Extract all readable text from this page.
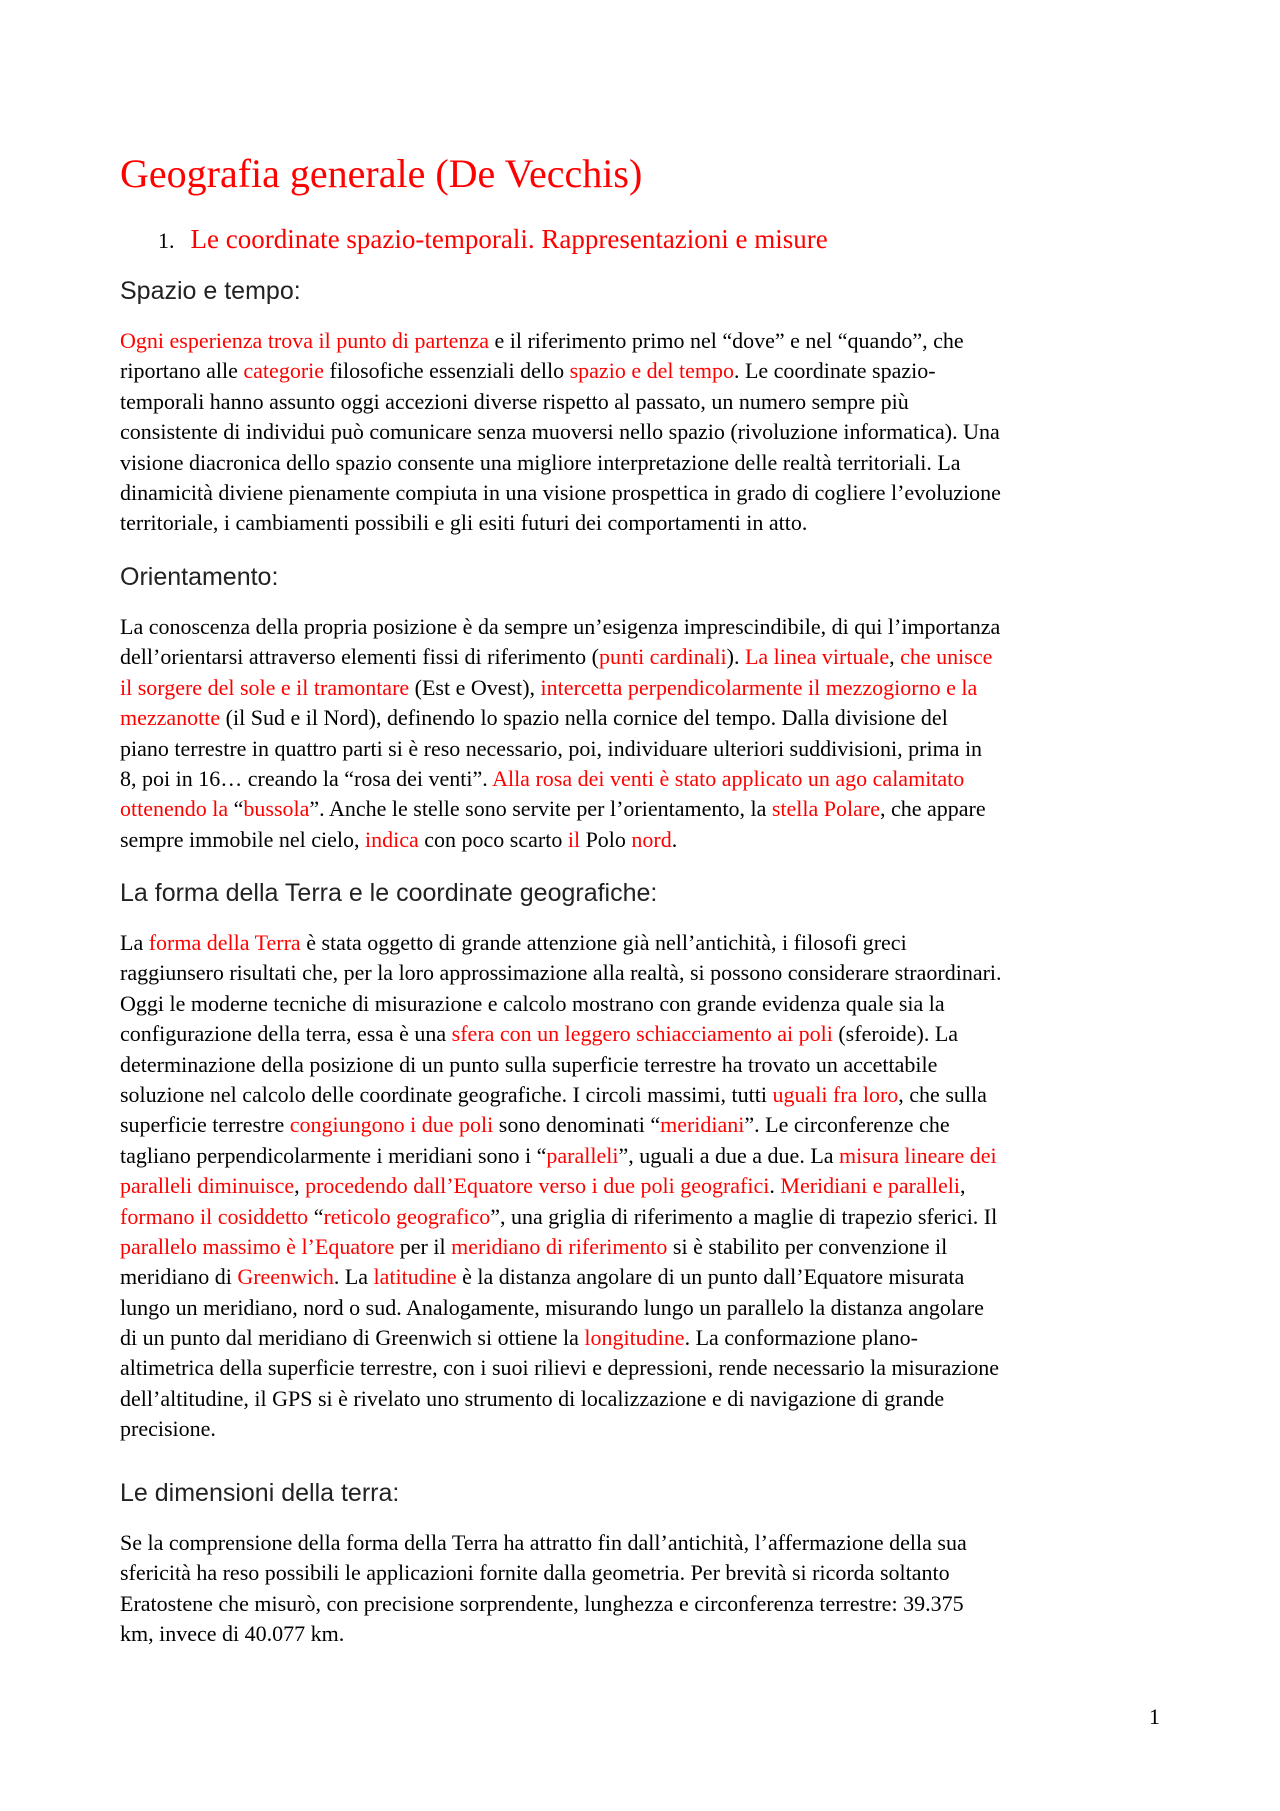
Geografia generale (De Vecchis)
1. Le coordinate spazio-temporali. Rappresentazioni e misure
Spazio e tempo:
Ogni esperienza trova il punto di partenza e il riferimento primo nel “dove” e nel “quando”, che
riportano alle categorie filosofiche essenziali dello spazio e del tempo. Le coordinate spazio-
temporali hanno assunto oggi accezioni diverse rispetto al passato, un numero sempre più
consistente di individui può comunicare senza muoversi nello spazio (rivoluzione informatica). Una
visione diacronica dello spazio consente una migliore interpretazione delle realtà territoriali. La
dinamicità diviene pienamente compiuta in una visione prospettica in grado di cogliere l’evoluzione
territoriale, i cambiamenti possibili e gli esiti futuri dei comportamenti in atto.
Orientamento:
La conoscenza della propria posizione è da sempre un’esigenza imprescindibile, di qui l’importanza
dell’orientarsi attraverso elementi fissi di riferimento (punti cardinali). La linea virtuale, che unisce
il sorgere del sole e il tramontare (Est e Ovest), intercetta perpendicolarmente il mezzogiorno e la
mezzanotte (il Sud e il Nord), definendo lo spazio nella cornice del tempo. Dalla divisione del
piano terrestre in quattro parti si è reso necessario, poi, individuare ulteriori suddivisioni, prima in
8, poi in 16… creando la “rosa dei venti”. Alla rosa dei venti è stato applicato un ago calamitato
ottenendo la “bussola”. Anche le stelle sono servite per l’orientamento, la stella Polare, che appare
sempre immobile nel cielo, indica con poco scarto il Polo nord.
La forma della Terra e le coordinate geografiche:
La forma della Terra è stata oggetto di grande attenzione già nell’antichità, i filosofi greci
raggiunsero risultati che, per la loro approssimazione alla realtà, si possono considerare straordinari.
Oggi le moderne tecniche di misurazione e calcolo mostrano con grande evidenza quale sia la
configurazione della terra, essa è una sfera con un leggero schiacciamento ai poli (sferoide). La
determinazione della posizione di un punto sulla superficie terrestre ha trovato un accettabile
soluzione nel calcolo delle coordinate geografiche. I circoli massimi, tutti uguali fra loro, che sulla
superficie terrestre congiungono i due poli sono denominati “meridiani”. Le circonferenze che
tagliano perpendicolarmente i meridiani sono i “paralleli”, uguali a due a due. La misura lineare dei
paralleli diminuisce, procedendo dall’Equatore verso i due poli geografici. Meridiani e paralleli,
formano il cosiddetto “reticolo geografico”, una griglia di riferimento a maglie di trapezio sferici. Il
parallelo massimo è l’Equatore per il meridiano di riferimento si è stabilito per convenzione il
meridiano di Greenwich. La latitudine è la distanza angolare di un punto dall’Equatore misurata
lungo un meridiano, nord o sud. Analogamente, misurando lungo un parallelo la distanza angolare
di un punto dal meridiano di Greenwich si ottiene la longitudine. La conformazione plano-
altimetrica della superficie terrestre, con i suoi rilievi e depressioni, rende necessario la misurazione
dell’altitudine, il GPS si è rivelato uno strumento di localizzazione e di navigazione di grande
precisione.
Le dimensioni della terra:
Se la comprensione della forma della Terra ha attratto fin dall’antichità, l’affermazione della sua
sfericità ha reso possibili le applicazioni fornite dalla geometria. Per brevità si ricorda soltanto
Eratostene che misurò, con precisione sorprendente, lunghezza e circonferenza terrestre: 39.375
km, invece di 40.077 km.
1
